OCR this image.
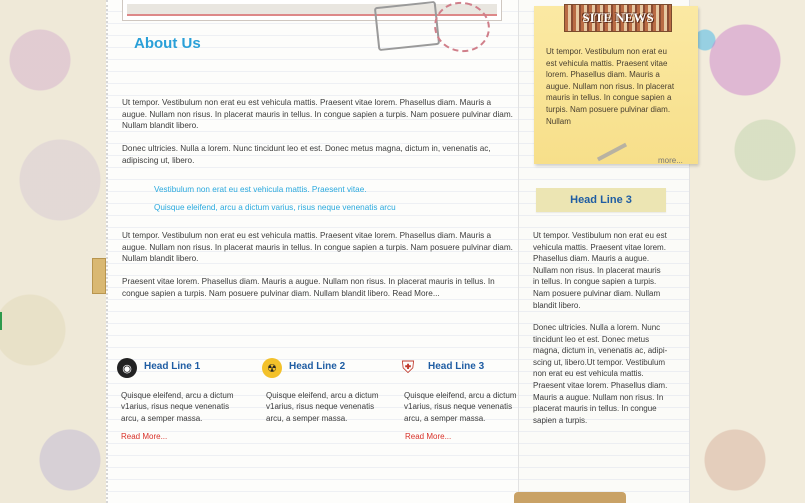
About Us

Ut tempor. Vestibulum non erat eu est vehicula mattis. Praesent vitae lorem. Phasellus diam. Mauris a augue. Nullam non risus. In placerat mauris in tellus. In congue sapien a turpis. Nam posuere pulvinar diam. Nullam blandit libero.

Donec ultricies. Nulla a lorem. Nunc tincidunt leo et est. Donec metus magna, dictum in, venenatis ac, adipiscing ut, libero.

Vestibulum non erat eu est vehicula mattis. Praesent vitae.

Quisque eleifend, arcu a dictum varius, risus neque venenatis arcu

Ut tempor. Vestibulum non erat eu est vehicula mattis. Praesent vitae lorem. Phasellus diam. Mauris a augue. Nullam non risus. In placerat mauris in tellus. In congue sapien a turpis. Nam posuere pulvinar diam. Nullam blandit libero.

Praesent vitae lorem. Phasellus diam. Mauris a augue. Nullam non risus. In placerat mauris in tellus. In congue sapien a turpis. Nam posuere pulvinar diam. Nullam blandit libero. Read More...

◉	Head Line 1

Quisque eleifend, arcu a dictum v1arius, risus neque venenatis arcu, a semper massa.

Read More...
☢	Head Line 2

Quisque eleifend, arcu a dictum v1arius, risus neque venenatis arcu, a semper massa.

⛨	Head Line 3

Quisque eleifend, arcu a dictum v1arius, risus neque venenatis arcu, a semper massa.

Read More...
SITE NEWS

Ut tempor. Vestibulum non erat eu est vehicula mattis. Praesent vitae lorem. Phasellus diam. Mauris a augue. Nullam non risus. In placerat mauris in tellus. In congue sapien a turpis. Nam posuere pulvinar diam. Nullam

more...
Head Line 3

Ut tempor. Vestibulum non erat eu est vehicula mattis. Praesent vitae lorem. Phasellus diam. Mauris a augue. Nullam non risus. In placerat mauris in tellus. In congue sapien a turpis. Nam posuere pulvinar diam. Nullam blandit libero.

Donec ultricies. Nulla a lorem. Nunc tincidunt leo et est. Donec metus magna, dictum in, venenatis ac, adipi-scing ut, libero.Ut tempor. Vestibulum non erat eu est vehicula mattis. Praesent vitae lorem. Phasellus diam. Mauris a augue. Nullam non risus. In placerat mauris in tellus. In congue sapien a turpis.
